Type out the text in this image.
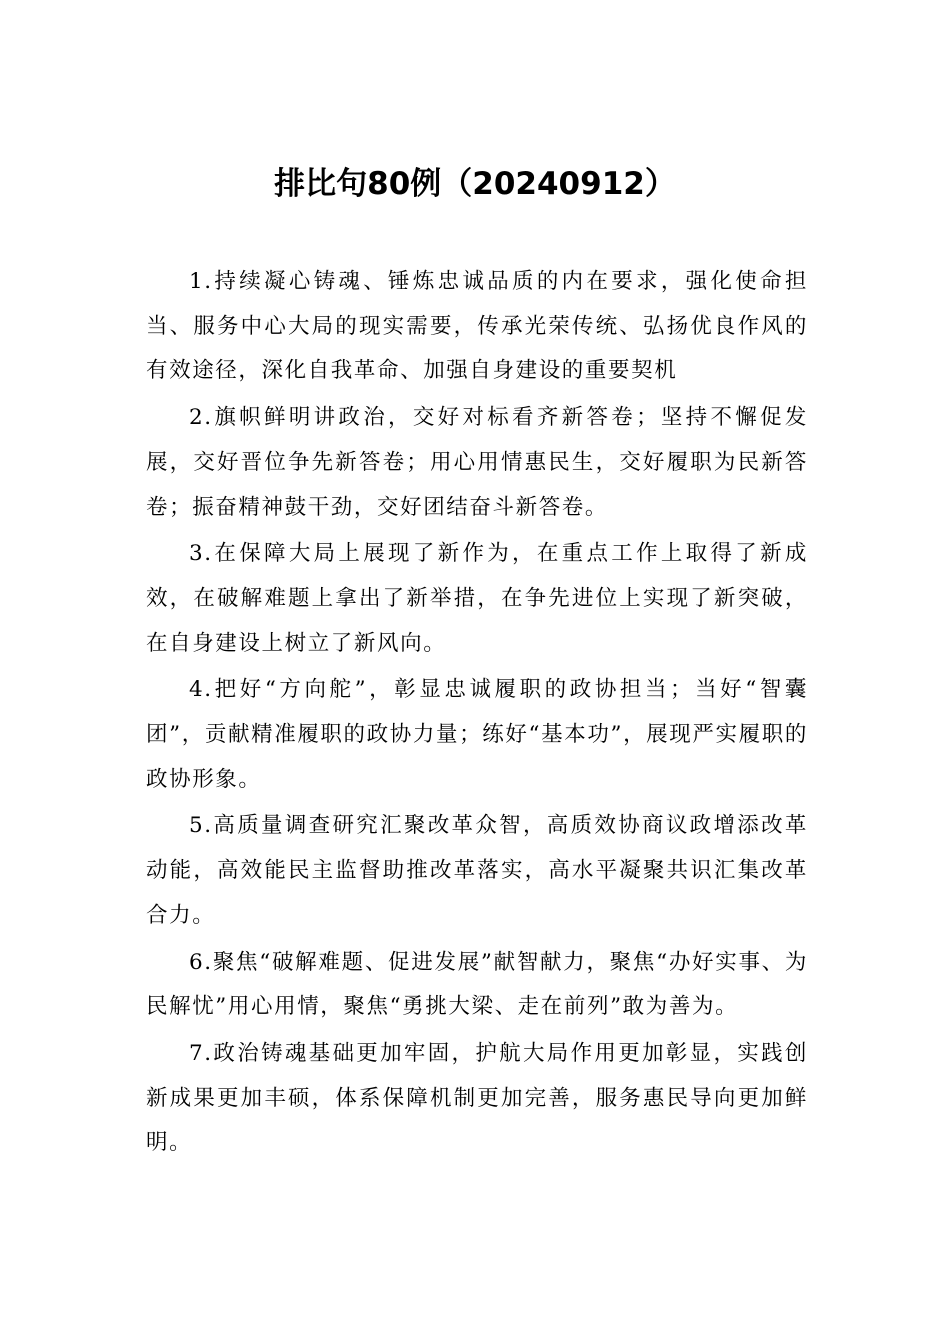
排比句80例（20240912）

1.持续凝心铸魂、锤炼忠诚品质的内在要求，强化使命担当、服务中心大局的现实需要，传承光荣传统、弘扬优良作风的有效途径，深化自我革命、加强自身建设的重要契机

2.旗帜鲜明讲政治，交好对标看齐新答卷；坚持不懈促发展，交好晋位争先新答卷；用心用情惠民生，交好履职为民新答卷；振奋精神鼓干劲，交好团结奋斗新答卷。

3.在保障大局上展现了新作为，在重点工作上取得了新成效，在破解难题上拿出了新举措，在争先进位上实现了新突破，在自身建设上树立了新风向。

4.把好“方向舵”，彰显忠诚履职的政协担当；当好“智囊团”，贡献精准履职的政协力量；练好“基本功”，展现严实履职的政协形象。

5.高质量调查研究汇聚改革众智，高质效协商议政增添改革动能，高效能民主监督助推改革落实，高水平凝聚共识汇集改革合力。

6.聚焦“破解难题、促进发展”献智献力，聚焦“办好实事、为民解忧”用心用情，聚焦“勇挑大梁、走在前列”敢为善为。

7.政治铸魂基础更加牢固，护航大局作用更加彰显，实践创新成果更加丰硕，体系保障机制更加完善，服务惠民导向更加鲜明。
